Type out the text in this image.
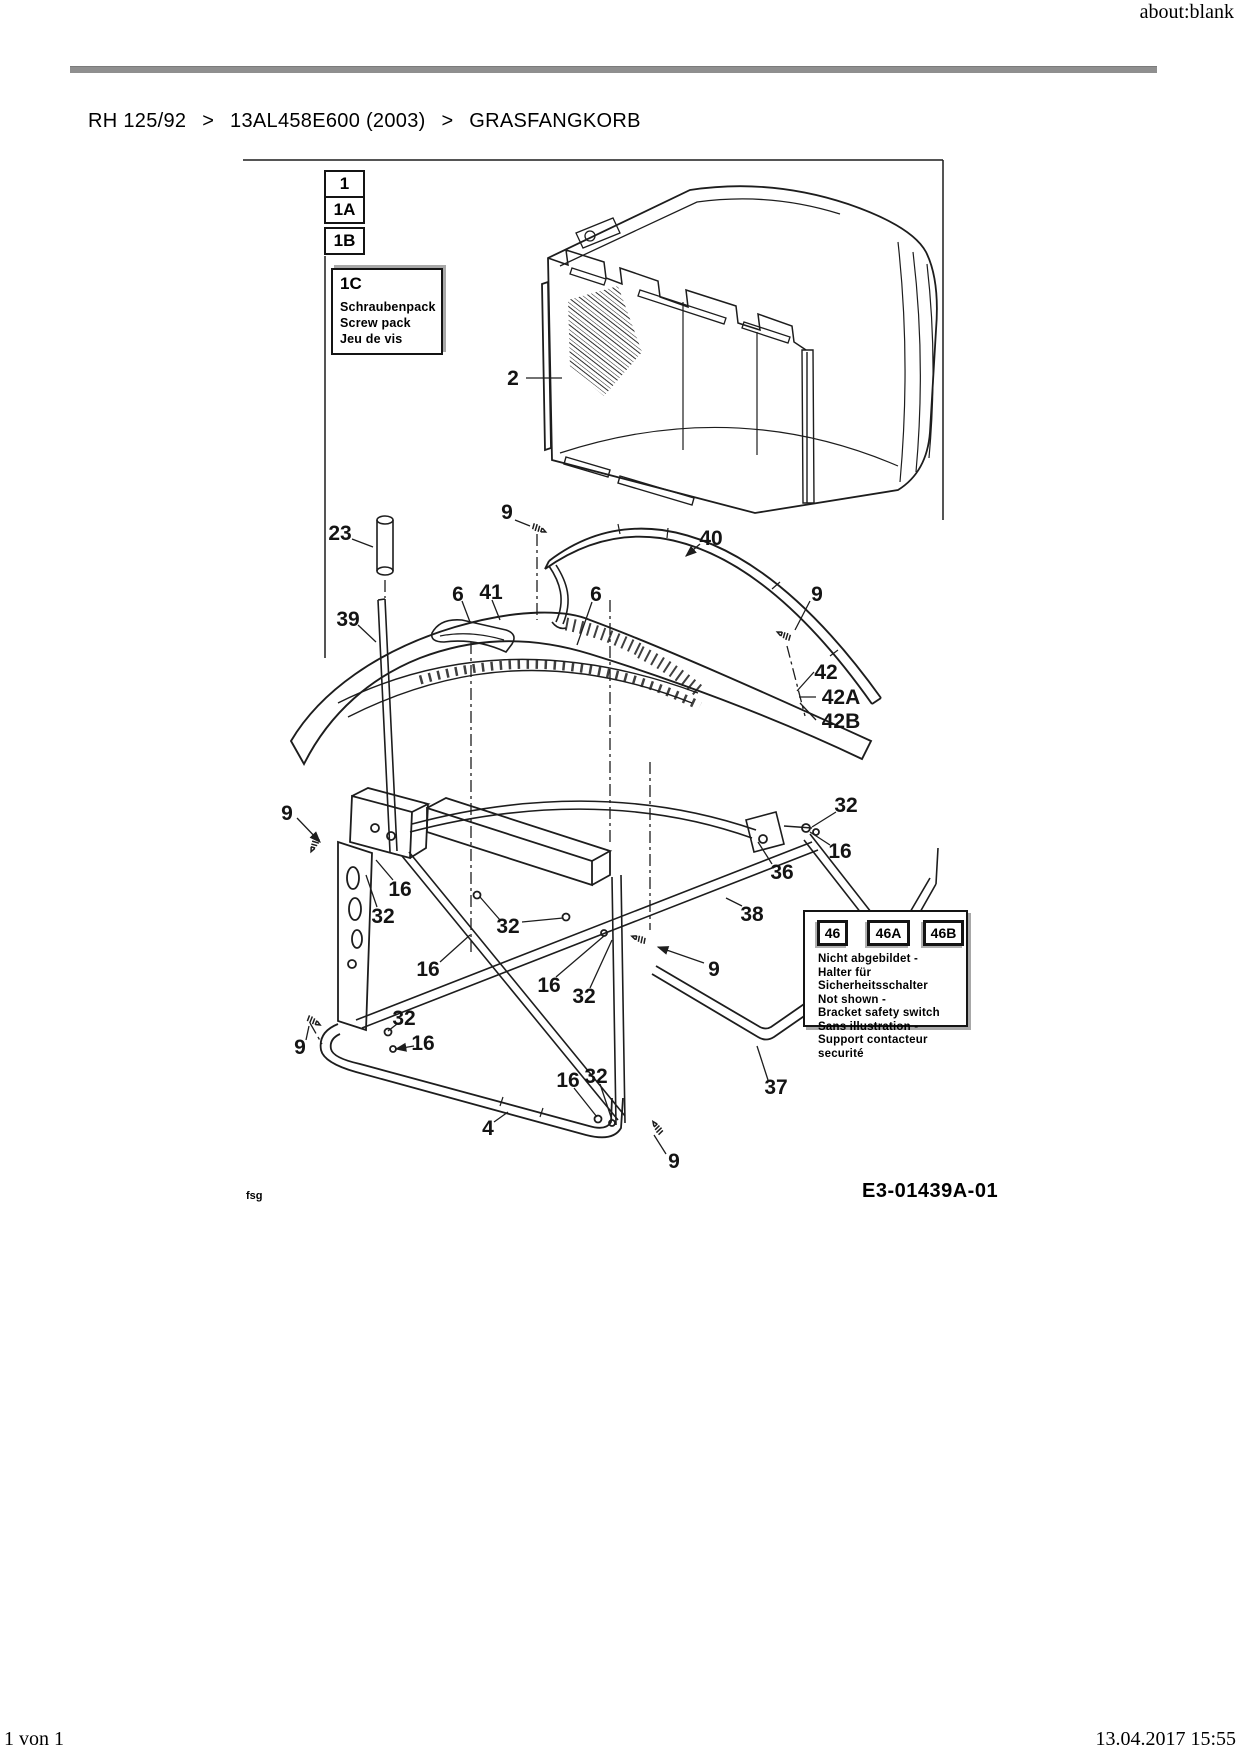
about:blank
RH 125/92 > 13AL458E600 (2003) > GRASFANGKORB
2
9
40
23
6 41	6	9
39
42
42A
42B
9	32
16
16
36
32	38
32
16	9
16 32
9
32
16
37
16 32
4
9
1
1A
1B
1C
Schraubenpack
Screw pack
Jeu de vis
46	46A	46B
Nicht abgebildet -
Halter für Sicherheitsschalter
Not shown -
Bracket safety switch
Sans illustration -
Support contacteur securité
E3-01439A-01
fsg
1 von 1	13.04.2017 15:55
